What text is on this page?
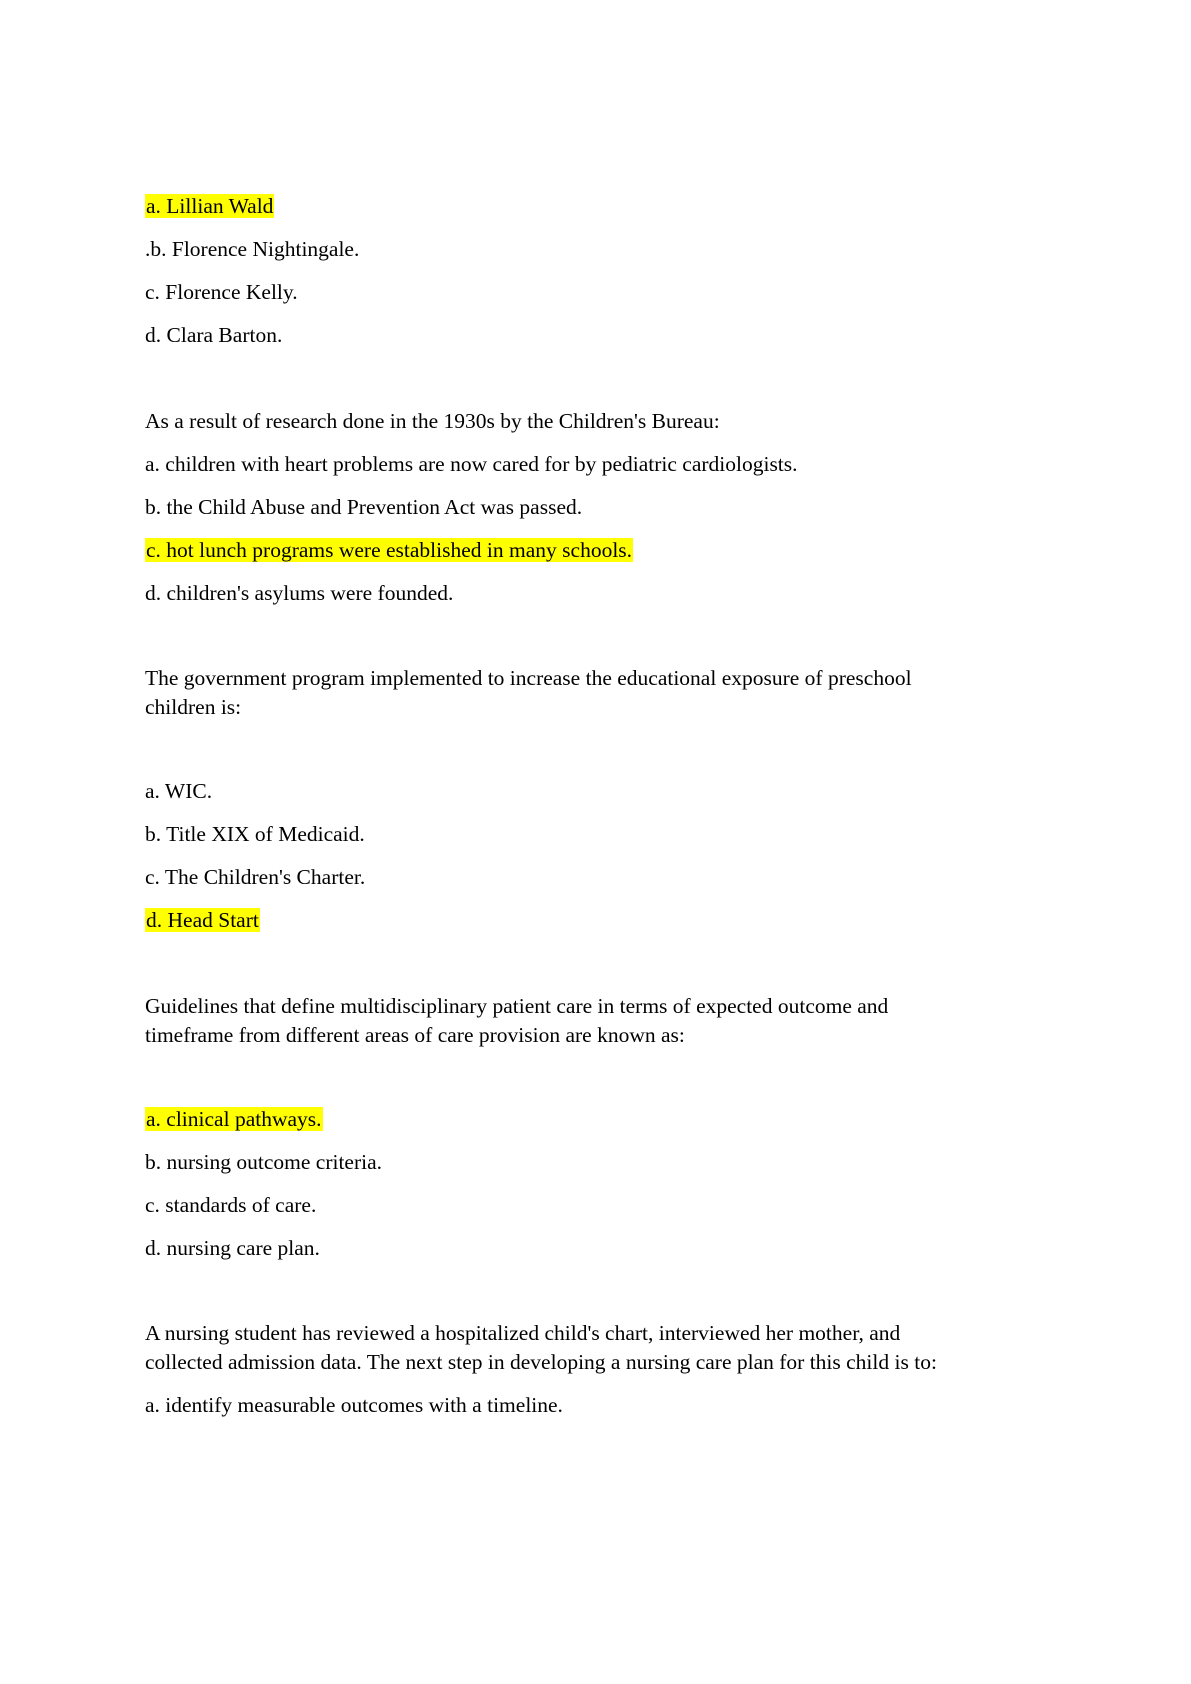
a. Lillian Wald
.b. Florence Nightingale.
c. Florence Kelly.
d. Clara Barton.
As a result of research done in the 1930s by the Children's Bureau:
a. children with heart problems are now cared for by pediatric cardiologists.
b. the Child Abuse and Prevention Act was passed.
c. hot lunch programs were established in many schools.
d. children's asylums were founded.
The government program implemented to increase the educational exposure of preschool
children is:
a. WIC.
b. Title XIX of Medicaid.
c. The Children's Charter.
d. Head Start
Guidelines that define multidisciplinary patient care in terms of expected outcome and
timeframe from different areas of care provision are known as:
a. clinical pathways.
b. nursing outcome criteria.
c. standards of care.
d. nursing care plan.
A nursing student has reviewed a hospitalized child's chart, interviewed her mother, and
collected admission data. The next step in developing a nursing care plan for this child is to:
a. identify measurable outcomes with a timeline.
